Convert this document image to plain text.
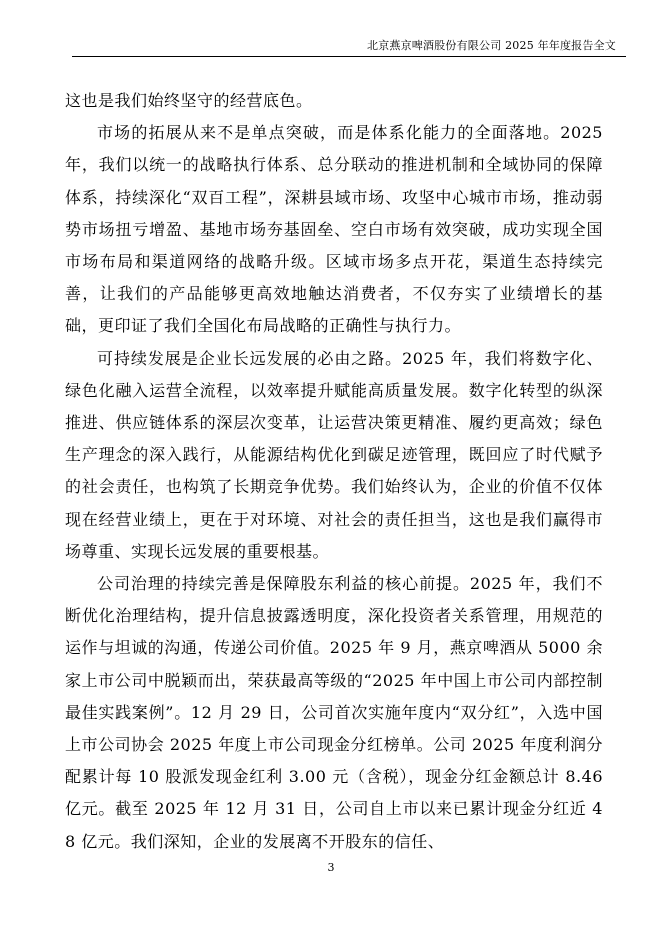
北京燕京啤酒股份有限公司 2025 年年度报告全文

这也是我们始终坚守的经营底色。

市场的拓展从来不是单点突破，而是体系化能力的全面落地。2025年，我们以统一的战略执行体系、总分联动的推进机制和全域协同的保障体系，持续深化“双百工程”，深耕县域市场、攻坚中心城市市场，推动弱势市场扭亏增盈、基地市场夯基固垒、空白市场有效突破，成功实现全国市场布局和渠道网络的战略升级。区域市场多点开花，渠道生态持续完善，让我们的产品能够更高效地触达消费者，不仅夯实了业绩增长的基础，更印证了我们全国化布局战略的正确性与执行力。

可持续发展是企业长远发展的必由之路。2025 年，我们将数字化、绿色化融入运营全流程，以效率提升赋能高质量发展。数字化转型的纵深推进、供应链体系的深层次变革，让运营决策更精准、履约更高效；绿色生产理念的深入践行，从能源结构优化到碳足迹管理，既回应了时代赋予的社会责任，也构筑了长期竞争优势。我们始终认为，企业的价值不仅体现在经营业绩上，更在于对环境、对社会的责任担当，这也是我们赢得市场尊重、实现长远发展的重要根基。

公司治理的持续完善是保障股东利益的核心前提。2025 年，我们不断优化治理结构，提升信息披露透明度，深化投资者关系管理，用规范的运作与坦诚的沟通，传递公司价值。2025 年 9 月，燕京啤酒从 5000 余家上市公司中脱颖而出，荣获最高等级的“2025 年中国上市公司内部控制最佳实践案例”。12 月 29 日，公司首次实施年度内“双分红”，入选中国上市公司协会 2025 年度上市公司现金分红榜单。公司 2025 年度利润分配累计每 10 股派发现金红利 3.00 元（含税），现金分红金额总计 8.46 亿元。截至 2025 年 12 月 31 日，公司自上市以来已累计现金分红近 48 亿元。我们深知，企业的发展离不开股东的信任、

3
